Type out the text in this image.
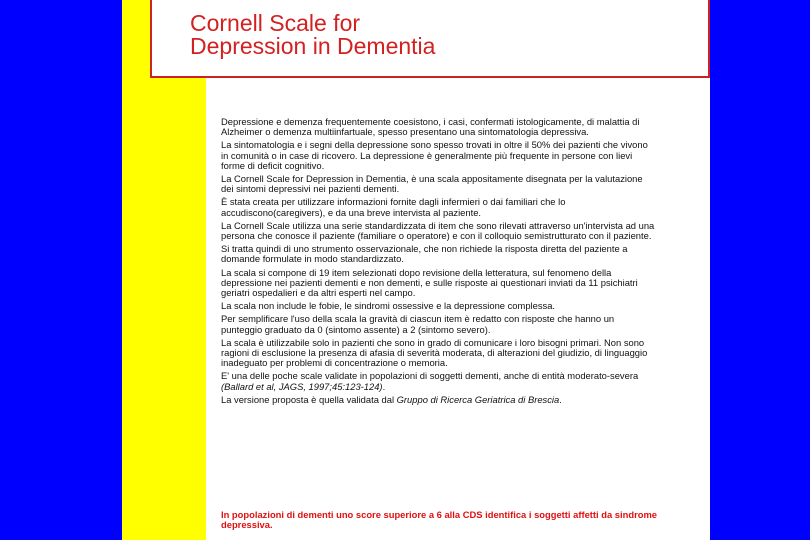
Cornell Scale for
Depression in Dementia

Depressione e demenza frequentemente coesistono, i casi, confermati istologicamente, di malattia di Alzheimer o demenza multiinfartuale, spesso presentano una sintomatologia depressiva.

La sintomatologia e i segni della depressione sono spesso trovati in oltre il 50% dei pazienti che vivono in comunità o in case di ricovero. La depressione è generalmente più frequente in persone con lievi forme di deficit cognitivo.

La Cornell Scale for Depression in Dementia, è una scala appositamente disegnata per la valutazione dei sintomi depressivi nei pazienti dementi.

È stata creata per utilizzare informazioni fornite dagli infermieri o dai familiari che lo accudiscono(caregivers), e da una breve intervista al paziente.

La Cornell Scale utilizza una serie standardizzata di item che sono rilevati attraverso un'intervista ad una persona che conosce il paziente (familiare o operatore) e con il colloquio semistrutturato con il paziente.

Si tratta quindi di uno strumento osservazionale, che non richiede la risposta diretta del paziente a domande formulate in modo standardizzato.

La scala si compone di 19 item selezionati dopo revisione della letteratura, sul fenomeno della depressione nei pazienti dementi e non dementi, e sulle risposte ai questionari inviati da 11 psichiatri geriatri ospedalieri e da altri esperti nel campo.

La scala non include le fobie, le sindromi ossessive e la depressione complessa.

Per semplificare l'uso della scala la gravità di ciascun item è redatto con risposte che hanno un punteggio graduato da 0 (sintomo assente) a 2 (sintomo severo).

La scala è utilizzabile solo in pazienti che sono in grado di comunicare i loro bisogni primari. Non sono ragioni di esclusione la presenza di afasia di severità moderata, di alterazioni del giudizio, di linguaggio inadeguato per problemi di concentrazione o memoria.

E' una delle poche scale validate in popolazioni di soggetti dementi, anche di entità moderato-severa (Ballard et al, JAGS, 1997;45:123-124).

La versione proposta è quella validata dal Gruppo di Ricerca Geriatrica di Brescia.

In popolazioni di dementi uno score superiore a 6 alla CDS identifica i soggetti affetti da sindrome depressiva.
